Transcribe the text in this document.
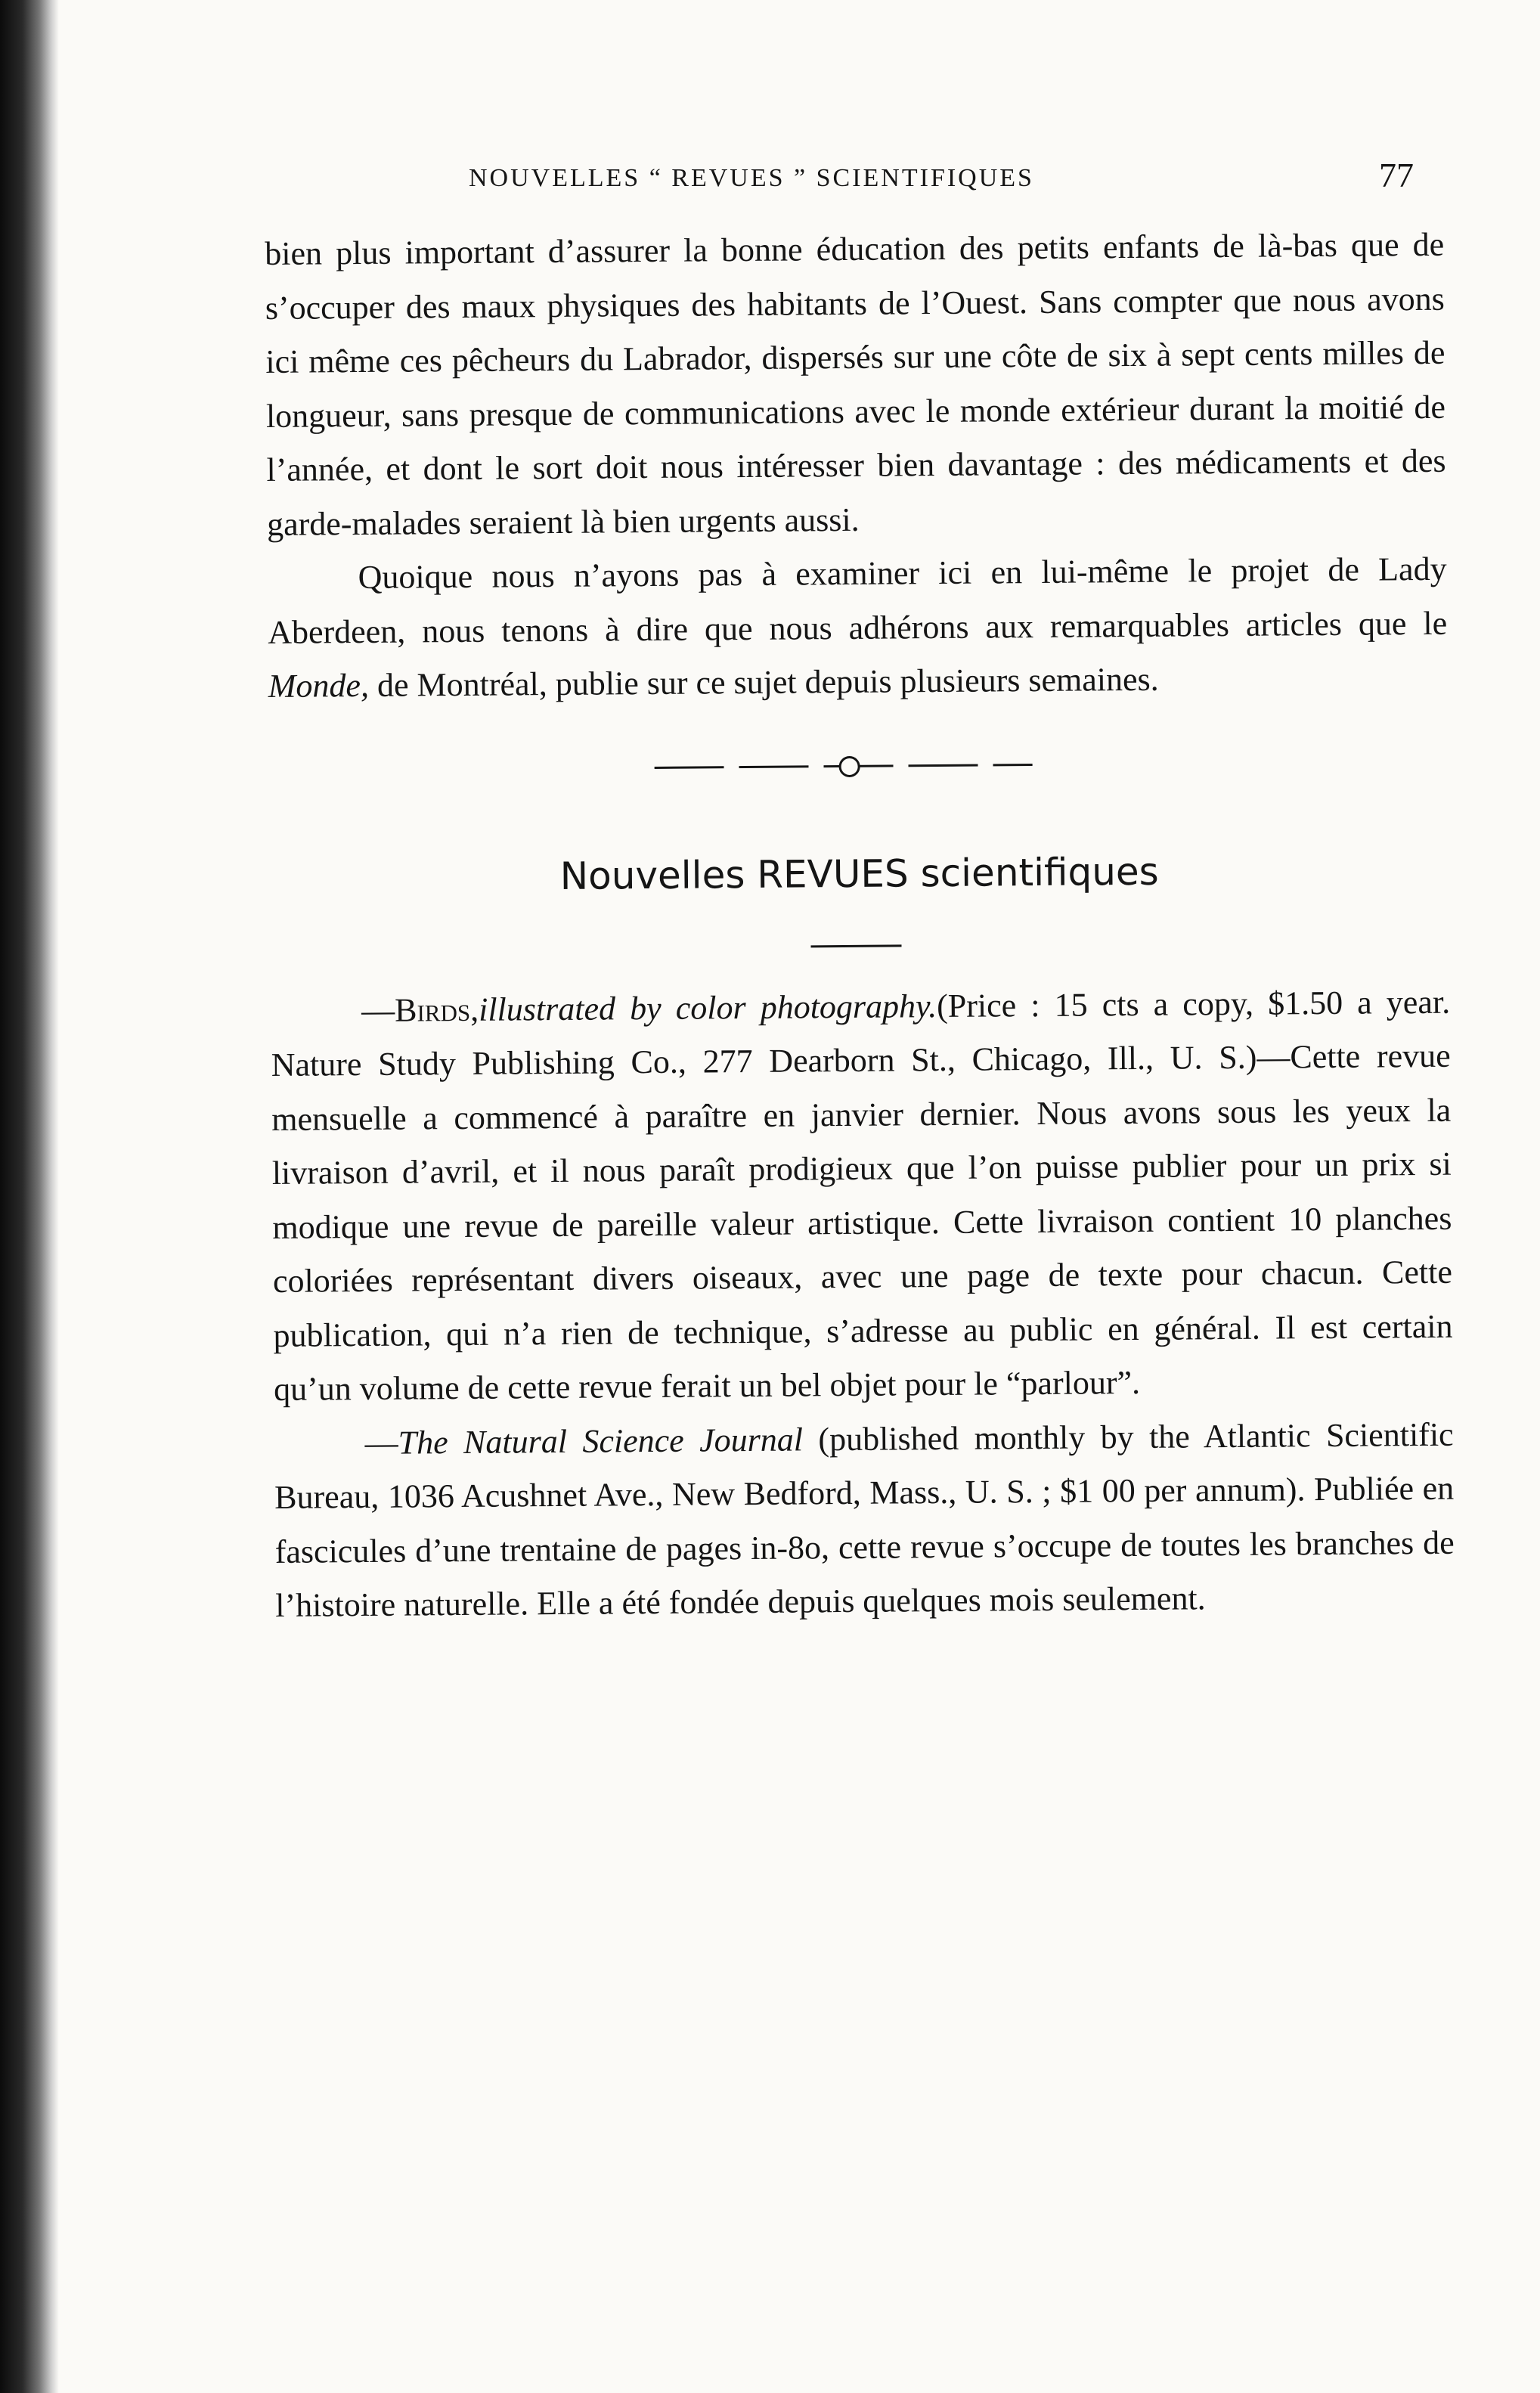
NOUVELLES “ REVUES ” SCIENTIFIQUES	77

bien plus important d’assurer la bonne éducation des petits enfants de là-bas que de s’occuper des maux physiques des habitants de l’Ouest. Sans compter que nous avons ici même ces pêcheurs du Labrador, dispersés sur une côte de six à sept cents milles de longueur, sans presque de communications avec le monde extérieur durant la moitié de l’année, et dont le sort doit nous intéresser bien davantage : des médicaments et des garde-malades seraient là bien urgents aussi.

Quoique nous n’ayons pas à examiner ici en lui-même le projet de Lady Aberdeen, nous tenons à dire que nous adhérons aux remarquables articles que le Monde, de Montréal, publie sur ce sujet depuis plusieurs semaines.

Nouvelles REVUES scientifiques

—Birds,illustrated by color photography.(Price : 15 cts a copy, $1.50 a year. Nature Study Publishing Co., 277 Dearborn St., Chicago, Ill., U. S.)—Cette revue mensuelle a commencé à paraître en janvier dernier. Nous avons sous les yeux la livraison d’avril, et il nous paraît prodigieux que l’on puisse publier pour un prix si modique une revue de pareille valeur artistique. Cette livraison contient 10 planches coloriées représentant divers oiseaux, avec une page de texte pour chacun. Cette publication, qui n’a rien de technique, s’adresse au public en général. Il est certain qu’un volume de cette revue ferait un bel objet pour le “parlour”.

—The Natural Science Journal (published monthly by the Atlantic Scientific Bureau, 1036 Acushnet Ave., New Bedford, Mass., U. S. ; $1 00 per annum). Publiée en fascicules d’une trentaine de pages in-8o, cette revue s’occupe de toutes les branches de l’histoire naturelle. Elle a été fondée depuis quelques mois seulement.
